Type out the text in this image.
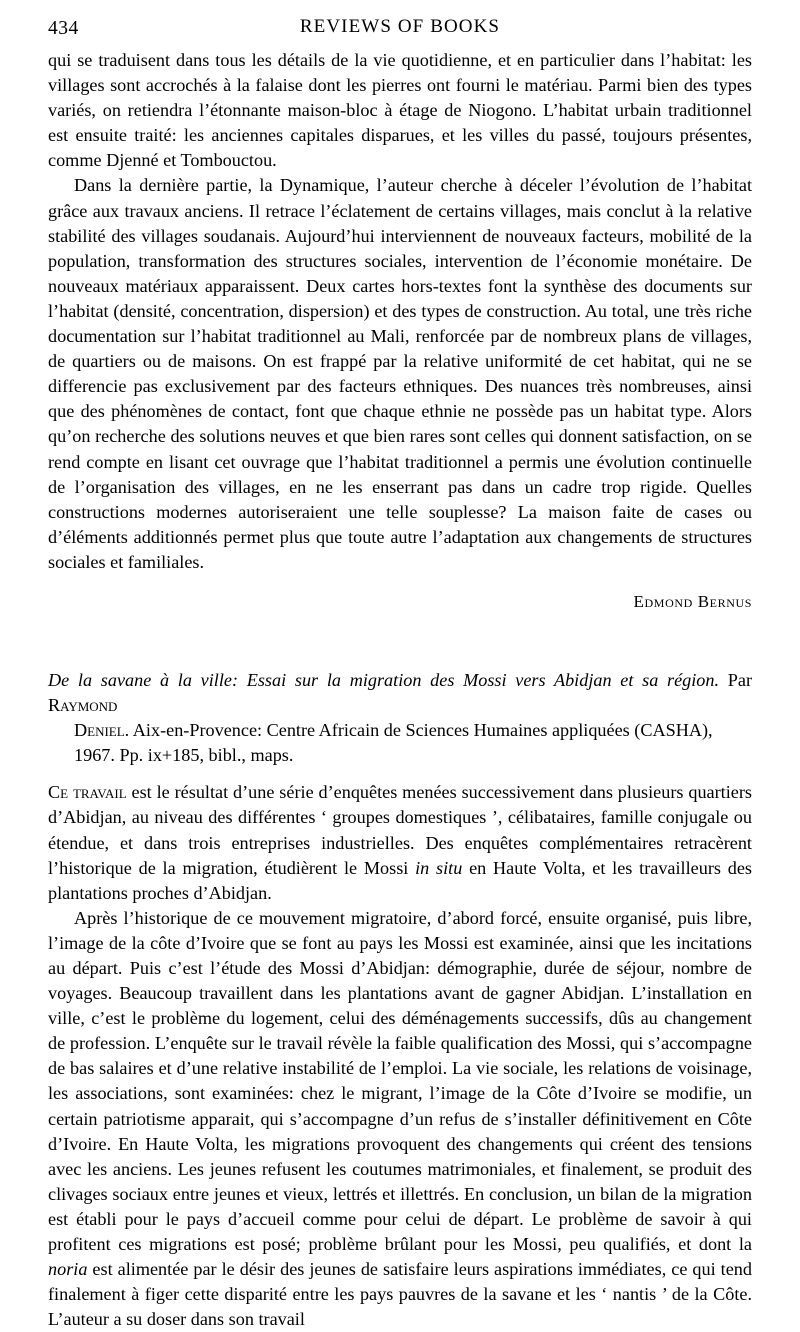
434	REVIEWS OF BOOKS

qui se traduisent dans tous les détails de la vie quotidienne, et en particulier dans l’habitat: les villages sont accrochés à la falaise dont les pierres ont fourni le matériau. Parmi bien des types variés, on retiendra l’étonnante maison-bloc à étage de Niogono. L’habitat urbain traditionnel est ensuite traité: les anciennes capitales disparues, et les villes du passé, toujours présentes, comme Djenné et Tombouctou.

Dans la dernière partie, la Dynamique, l’auteur cherche à déceler l’évolution de l’habitat grâce aux travaux anciens. Il retrace l’éclatement de certains villages, mais conclut à la relative stabilité des villages soudanais. Aujourd’hui interviennent de nouveaux facteurs, mobilité de la population, transformation des structures sociales, intervention de l’économie monétaire. De nouveaux matériaux apparaissent. Deux cartes hors-textes font la synthèse des documents sur l’habitat (densité, concentration, dispersion) et des types de construction. Au total, une très riche documentation sur l’habitat traditionnel au Mali, renforcée par de nombreux plans de villages, de quartiers ou de maisons. On est frappé par la relative uniformité de cet habitat, qui ne se differencie pas exclusivement par des facteurs ethniques. Des nuances très nombreuses, ainsi que des phénomènes de contact, font que chaque ethnie ne possède pas un habitat type. Alors qu’on recherche des solutions neuves et que bien rares sont celles qui donnent satisfaction, on se rend compte en lisant cet ouvrage que l’habitat traditionnel a permis une évolution continuelle de l’organisation des villages, en ne les enserrant pas dans un cadre trop rigide. Quelles constructions modernes autoriseraient une telle souplesse? La maison faite de cases ou d’éléments additionnés permet plus que toute autre l’adaptation aux changements de structures sociales et familiales.

Edmond Bernus
De la savane à la ville: Essai sur la migration des Mossi vers Abidjan et sa région. Par Raymond
Deniel. Aix-en-Provence: Centre Africain de Sciences Humaines appliquées (CASHA),
1967. Pp. ix+185, bibl., maps.

Ce travail est le résultat d’une série d’enquêtes menées successivement dans plusieurs quartiers d’Abidjan, au niveau des différentes ‘ groupes domestiques ’, célibataires, famille conjugale ou étendue, et dans trois entreprises industrielles. Des enquêtes complémentaires retracèrent l’historique de la migration, étudièrent le Mossi in situ en Haute Volta, et les travailleurs des plantations proches d’Abidjan.

Après l’historique de ce mouvement migratoire, d’abord forcé, ensuite organisé, puis libre, l’image de la côte d’Ivoire que se font au pays les Mossi est examinée, ainsi que les incitations au départ. Puis c’est l’étude des Mossi d’Abidjan: démographie, durée de séjour, nombre de voyages. Beaucoup travaillent dans les plantations avant de gagner Abidjan. L’installation en ville, c’est le problème du logement, celui des déménagements successifs, dûs au changement de profession. L’enquête sur le travail révèle la faible qualification des Mossi, qui s’accompagne de bas salaires et d’une relative instabilité de l’emploi. La vie sociale, les relations de voisinage, les associations, sont examinées: chez le migrant, l’image de la Côte d’Ivoire se modifie, un certain patriotisme apparait, qui s’accompagne d’un refus de s’installer définitivement en Côte d’Ivoire. En Haute Volta, les migrations provoquent des changements qui créent des tensions avec les anciens. Les jeunes refusent les coutumes matrimoniales, et finalement, se produit des clivages sociaux entre jeunes et vieux, lettrés et illettrés. En conclusion, un bilan de la migration est établi pour le pays d’accueil comme pour celui de départ. Le problème de savoir à qui profitent ces migrations est posé; problème brûlant pour les Mossi, peu qualifiés, et dont la noria est alimentée par le désir des jeunes de satisfaire leurs aspirations immédiates, ce qui tend finalement à figer cette disparité entre les pays pauvres de la savane et les ‘ nantis ’ de la Côte. L’auteur a su doser dans son travail
